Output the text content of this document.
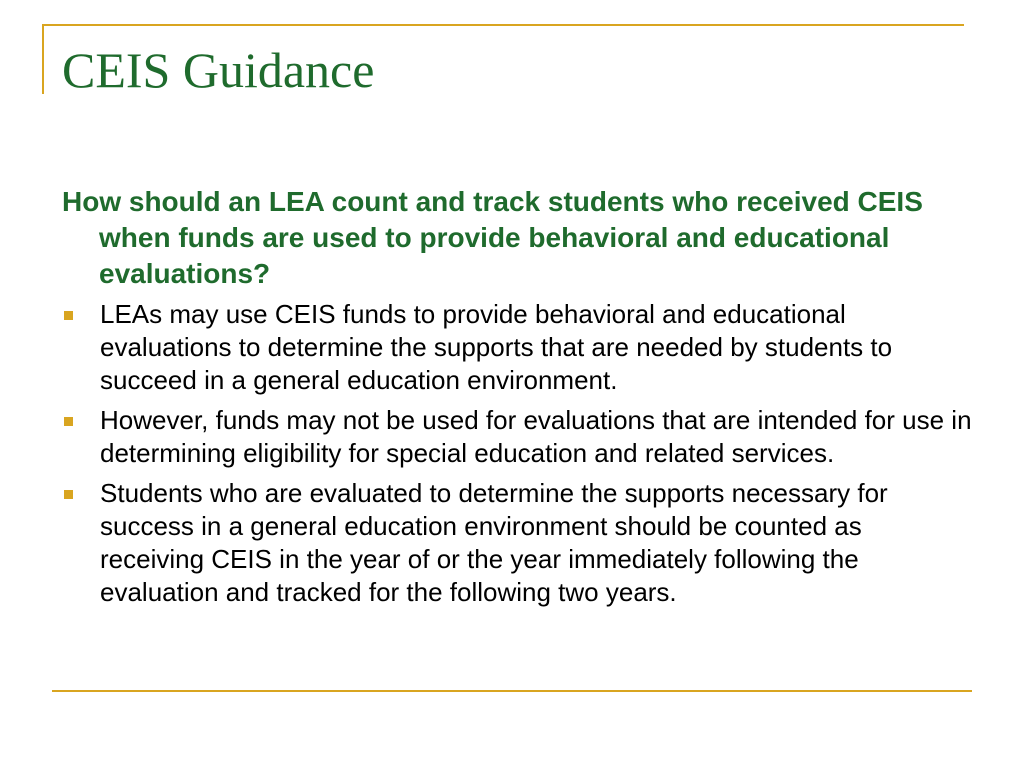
CEIS Guidance

How should an LEA count and track students who received CEIS when funds are used to provide behavioral and educational evaluations?

LEAs may use CEIS funds to provide behavioral and educational evaluations to determine the supports that are needed by students to succeed in a general education environment.
However, funds may not be used for evaluations that are intended for use in determining eligibility for special education and related services.
Students who are evaluated to determine the supports necessary for success in a general education environment should be counted as receiving CEIS in the year of or the year immediately following the evaluation and tracked for the following two years.
